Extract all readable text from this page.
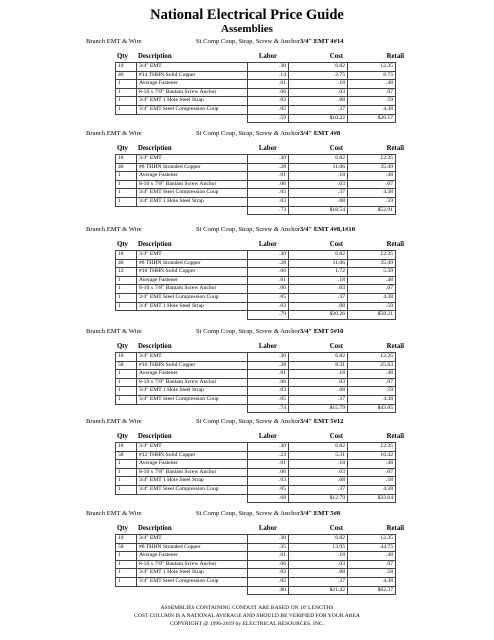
National Electrical Price Guide
Assemblies
Branch EMT & Wire	St Comp Coup, Strap, Screw & Anchor 3/4" EMT 4#14
Qty Description	Labor	Cost	Retail
10	3/4" EMT	.30	6.82	12.35
46	#14 THHN Solid Copper	.14	2.75	8.75
1	Average Fastener	.01	.18	.48
1	8-10 x 7/8" Bantam Screw Anchor	.06	.03	.07
1	3/4" EMT 1 Hole Steel Strap	.03	.08	.59
1	3/4" EMT Steel Compression Coup	.05	.37	4.38
		.59	$10.22	$26.17
Branch EMT & Wire	St Comp Coup, Strap, Screw & Anchor 3/4" EMT 4#8
Qty Description	Labor	Cost	Retail
10	3/4" EMT	.30	6.82	12.35
46	#8 THHN Stranded Copper	.28	11.06	35.49
1	Average Fastener	.01	.18	.48
1	8-10 x 7/8" Bantam Screw Anchor	.06	.03	.07
1	3/4" EMT Steel Compression Coup	.05	.37	4.38
1	3/4" EMT 1 Hole Steel Strap	.03	.08	.59
		.73	$18.54	$52.91
Branch EMT & Wire	St Comp Coup, Strap, Screw & Anchor 3/4" EMT 4#8,1#10
Qty Description	Labor	Cost	Retail
10	3/4" EMT	.30	6.82	12.35
46	#8 THHN Stranded Copper	.28	11.06	35.49
12	#10 THHN Solid Copper	.06	1.72	5.39
1	Average Fastener	.01	.18	.48
1	8-10 x 7/8" Bantam Screw Anchor	.06	.03	.07
1	3/4" EMT Steel Compression Coup	.05	.37	4.38
1	3/4" EMT 1 Hole Steel Strap	.03	.08	.59
		.79	$20.26	$58.21
Branch EMT & Wire	St Comp Coup, Strap, Screw & Anchor 3/4" EMT 5#10
Qty Description	Labor	Cost	Retail
10	3/4" EMT	.30	6.82	12.35
58	#10 THHN Solid Copper	.28	8.31	25.63
1	Average Fastener	.01	.18	.48
1	8-10 x 7/8" Bantam Screw Anchor	.06	.03	.07
1	3/4" EMT 1 Hole Steel Strap	.03	.08	.59
1	3/4" EMT Steel Compression Coup	.05	.37	4.38
		.74	$15.79	$43.05
Branch EMT & Wire	St Comp Coup, Strap, Screw & Anchor 3/4" EMT 5#12
Qty Description	Labor	Cost	Retail
10	3/4" EMT	.30	6.82	12.35
58	#12 THHN Solid Copper	.23	5.31	16.42
1	Average Fastener	.01	.18	.48
1	8-10 x 7/8" Bantam Screw Anchor	.06	.03	.07
1	3/4" EMT 1 Hole Steel Strap	.03	.08	.58
1	3/4" EMT Steel Compression Coup	.05	.37	4.38
		.68	$12.79	$33.64
Branch EMT & Wire	St Comp Coup, Strap, Screw & Anchor 3/4" EMT 5#8
Qty Description	Labor	Cost	Retail
10	3/4" EMT	.30	6.82	12.35
58	#8 THHN Stranded Copper	.35	13.95	44.75
1	Average Fastener	.01	.18	.48
1	8-10 x 7/8" Bantam Screw Anchor	.06	.03	.07
1	3/4" EMT 1 Hole Steel Strap	.03	.08	.58
1	3/4" EMT Steel Compression Coup	.05	.37	4.38
		.80	$21.42	$62.37
ASSEMBLIES CONTAINING CONDUIT ARE BASED ON 10' LENGTHS
COST COLUMN IS A NATIONAL AVERAGE AND SHOULD BE VERIFIED FOR YOUR AREA
COPYRIGHT @ 1996-2019 by ELECTRICAL RESOURCES, INC.
